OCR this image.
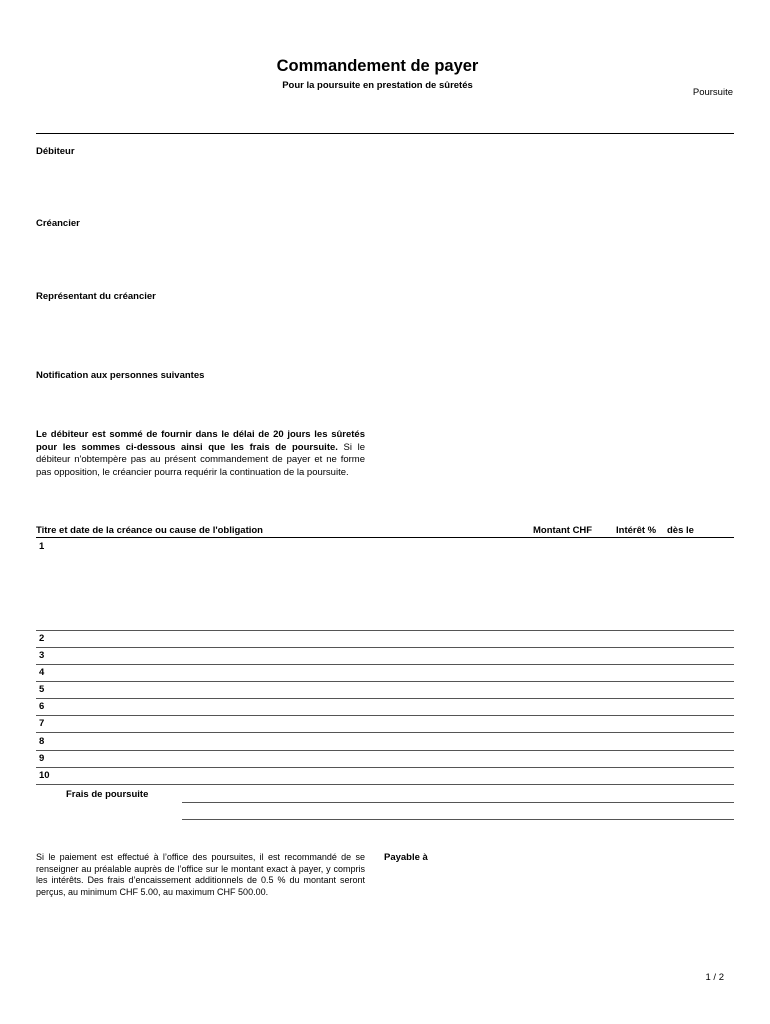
Commandement de payer
Pour la poursuite en prestation de sûretés
Poursuite
Débiteur
Créancier
Représentant du créancier
Notification aux personnes suivantes
Le débiteur est sommé de fournir dans le délai de 20 jours les sûretés pour les sommes ci-dessous ainsi que les frais de poursuite. Si le débiteur n'obtempère pas au présent commandement de payer et ne forme pas opposition, le créancier pourra requérir la continuation de la poursuite.
Titre et date de la créance ou cause de l'obligation	Montant CHF	Intérêt % dès le
1
2
3
4
5
6
7
8
9
10
Frais de poursuite
Si le paiement est effectué à l’office des poursuites, il est recommandé de se renseigner au préalable auprès de l’office sur le montant exact à payer, y compris les intérêts. Des frais d’encaissement additionnels de 0.5 % du montant seront perçus, au minimum CHF 5.00, au maximum CHF 500.00.
Payable à
1 / 2
